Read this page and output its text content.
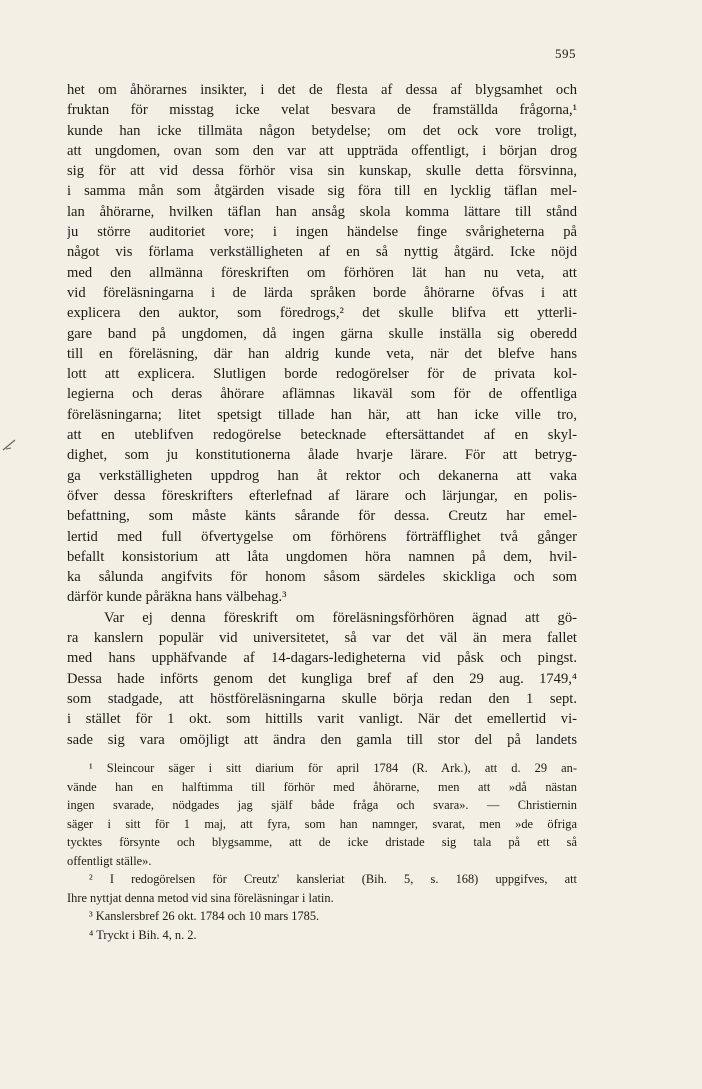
595
het om åhörarnes insikter, i det de flesta af dessa af blygsamhet och
fruktan för misstag icke velat besvara de framställda frågorna,¹
kunde han icke tillmäta någon betydelse; om det ock vore troligt,
att ungdomen, ovan som den var att uppträda offentligt, i början drog
sig för att vid dessa förhör visa sin kunskap, skulle detta försvinna,
i samma mån som åtgärden visade sig föra till en lycklig täflan mel-
lan åhörarne, hvilken täflan han ansåg skola komma lättare till stånd
ju större auditoriet vore; i ingen händelse finge svårigheterna på
något vis förlama verkställigheten af en så nyttig åtgärd. Icke nöjd
med den allmänna föreskriften om förhören lät han nu veta, att
vid föreläsningarna i de lärda språken borde åhörarne öfvas i att
explicera den auktor, som föredrogs,² det skulle blifva ett ytterli-
gare band på ungdomen, då ingen gärna skulle inställa sig oberedd
till en föreläsning, där han aldrig kunde veta, när det blefve hans
lott att explicera. Slutligen borde redogörelser för de privata kol-
legierna och deras åhörare aflämnas likaväl som för de offentliga
föreläsningarna; litet spetsigt tillade han här, att han icke ville tro,
att en uteblifven redogörelse betecknade eftersättandet af en skyl-
dighet, som ju konstitutionerna ålade hvarje lärare. För att betryg-
ga verkställigheten uppdrog han åt rektor och dekanerna att vaka
öfver dessa föreskrifters efterlefnad af lärare och lärjungar, en polis-
befattning, som måste känts sårande för dessa. Creutz har emel-
lertid med full öfvertygelse om förhörens förträfflighet två gånger
befallt konsistorium att låta ungdomen höra namnen på dem, hvil-
ka sålunda angifvits för honom såsom särdeles skickliga och som
därför kunde påräkna hans välbehag.³
Var ej denna föreskrift om föreläsningsförhören ägnad att gö-
ra kanslern populär vid universitetet, så var det väl än mera fallet
med hans upphäfvande af 14-dagars-ledigheterna vid påsk och pingst.
Dessa hade införts genom det kungliga bref af den 29 aug. 1749,⁴
som stadgade, att höstföreläsningarna skulle börja redan den 1 sept.
i stället för 1 okt. som hittills varit vanligt. När det emellertid vi-
sade sig vara omöjligt att ändra den gamla till stor del på landets
¹ Sleincour säger i sitt diarium för april 1784 (R. Ark.), att d. 29 an-
vände han en halftimma till förhör med åhörarne, men att »då nästan
ingen svarade, nödgades jag själf både fråga och svara». — Christiernin
säger i sitt för 1 maj, att fyra, som han namnger, svarat, men »de öfriga
tycktes försynte och blygsamme, att de icke dristade sig tala på ett så
offentligt ställe».
² I redogörelsen för Creutz' kansleriat (Bih. 5, s. 168) uppgifves, att
Ihre nyttjat denna metod vid sina föreläsningar i latin.
³ Kanslersbref 26 okt. 1784 och 10 mars 1785.
⁴ Tryckt i Bih. 4, n. 2.
